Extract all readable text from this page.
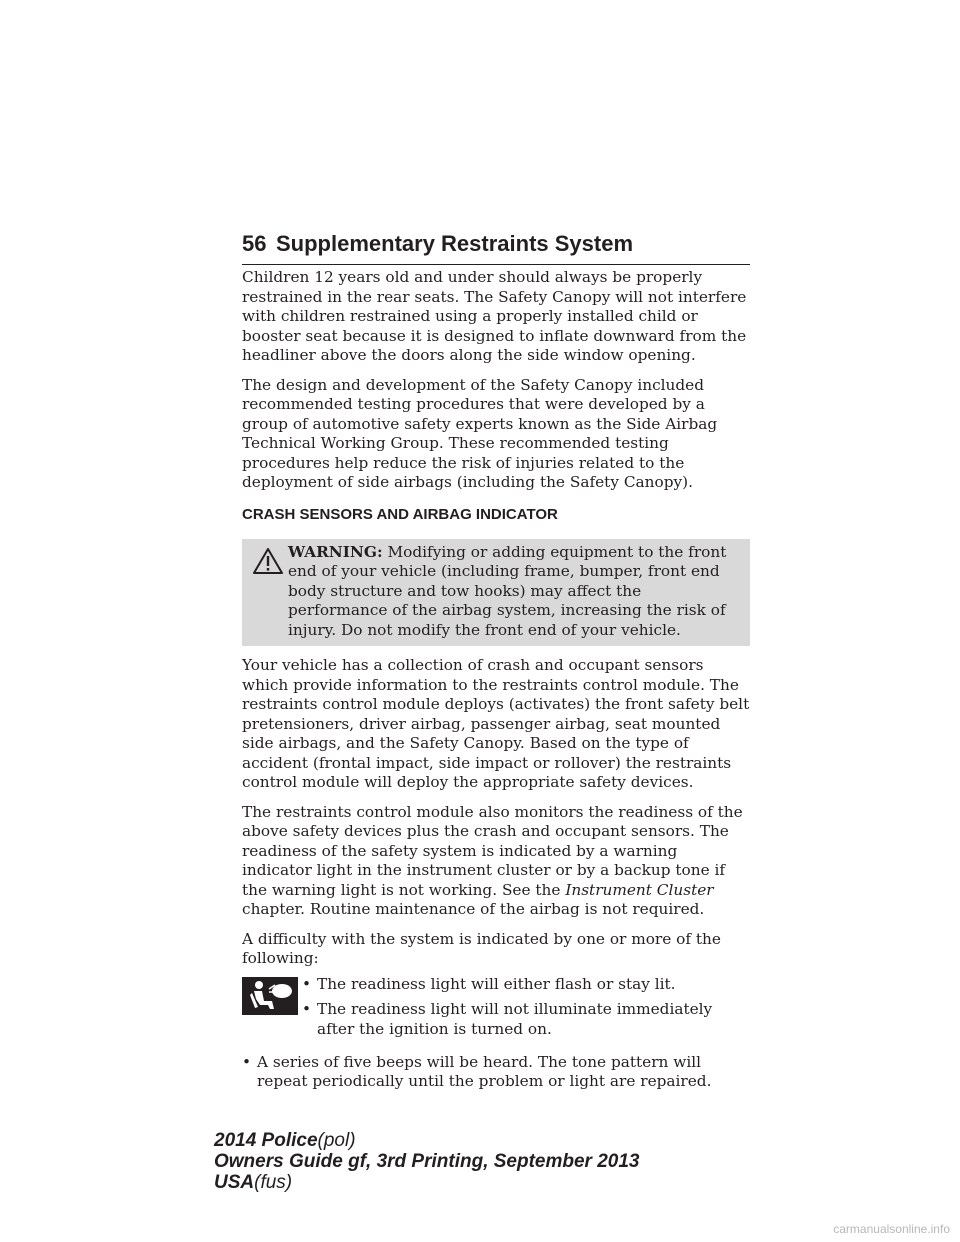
56 Supplementary Restraints System

Children 12 years old and under should always be properly restrained in the rear seats. The Safety Canopy will not interfere with children restrained using a properly installed child or booster seat because it is designed to inflate downward from the headliner above the doors along the side window opening.

The design and development of the Safety Canopy included recommended testing procedures that were developed by a group of automotive safety experts known as the Side Airbag Technical Working Group. These recommended testing procedures help reduce the risk of injuries related to the deployment of side airbags (including the Safety Canopy).

CRASH SENSORS AND AIRBAG INDICATOR
WARNING: Modifying or adding equipment to the front end of your vehicle (including frame, bumper, front end body structure and tow hooks) may affect the performance of the airbag system, increasing the risk of injury. Do not modify the front end of your vehicle.

Your vehicle has a collection of crash and occupant sensors which provide information to the restraints control module. The restraints control module deploys (activates) the front safety belt pretensioners, driver airbag, passenger airbag, seat mounted side airbags, and the Safety Canopy. Based on the type of accident (frontal impact, side impact or rollover) the restraints control module will deploy the appropriate safety devices.

The restraints control module also monitors the readiness of the above safety devices plus the crash and occupant sensors. The readiness of the safety system is indicated by a warning indicator light in the instrument cluster or by a backup tone if the warning light is not working. See the Instrument Cluster chapter. Routine maintenance of the airbag is not required.

A difficulty with the system is indicated by one or more of the following:

• The readiness light will either flash or stay lit.
• The readiness light will not illuminate immediately after the ignition is turned on.
• A series of five beeps will be heard. The tone pattern will repeat periodically until the problem or light are repaired.
2014 Police(pol)
Owners Guide gf, 3rd Printing, September 2013
USA(fus)
carmanualsonline.info
